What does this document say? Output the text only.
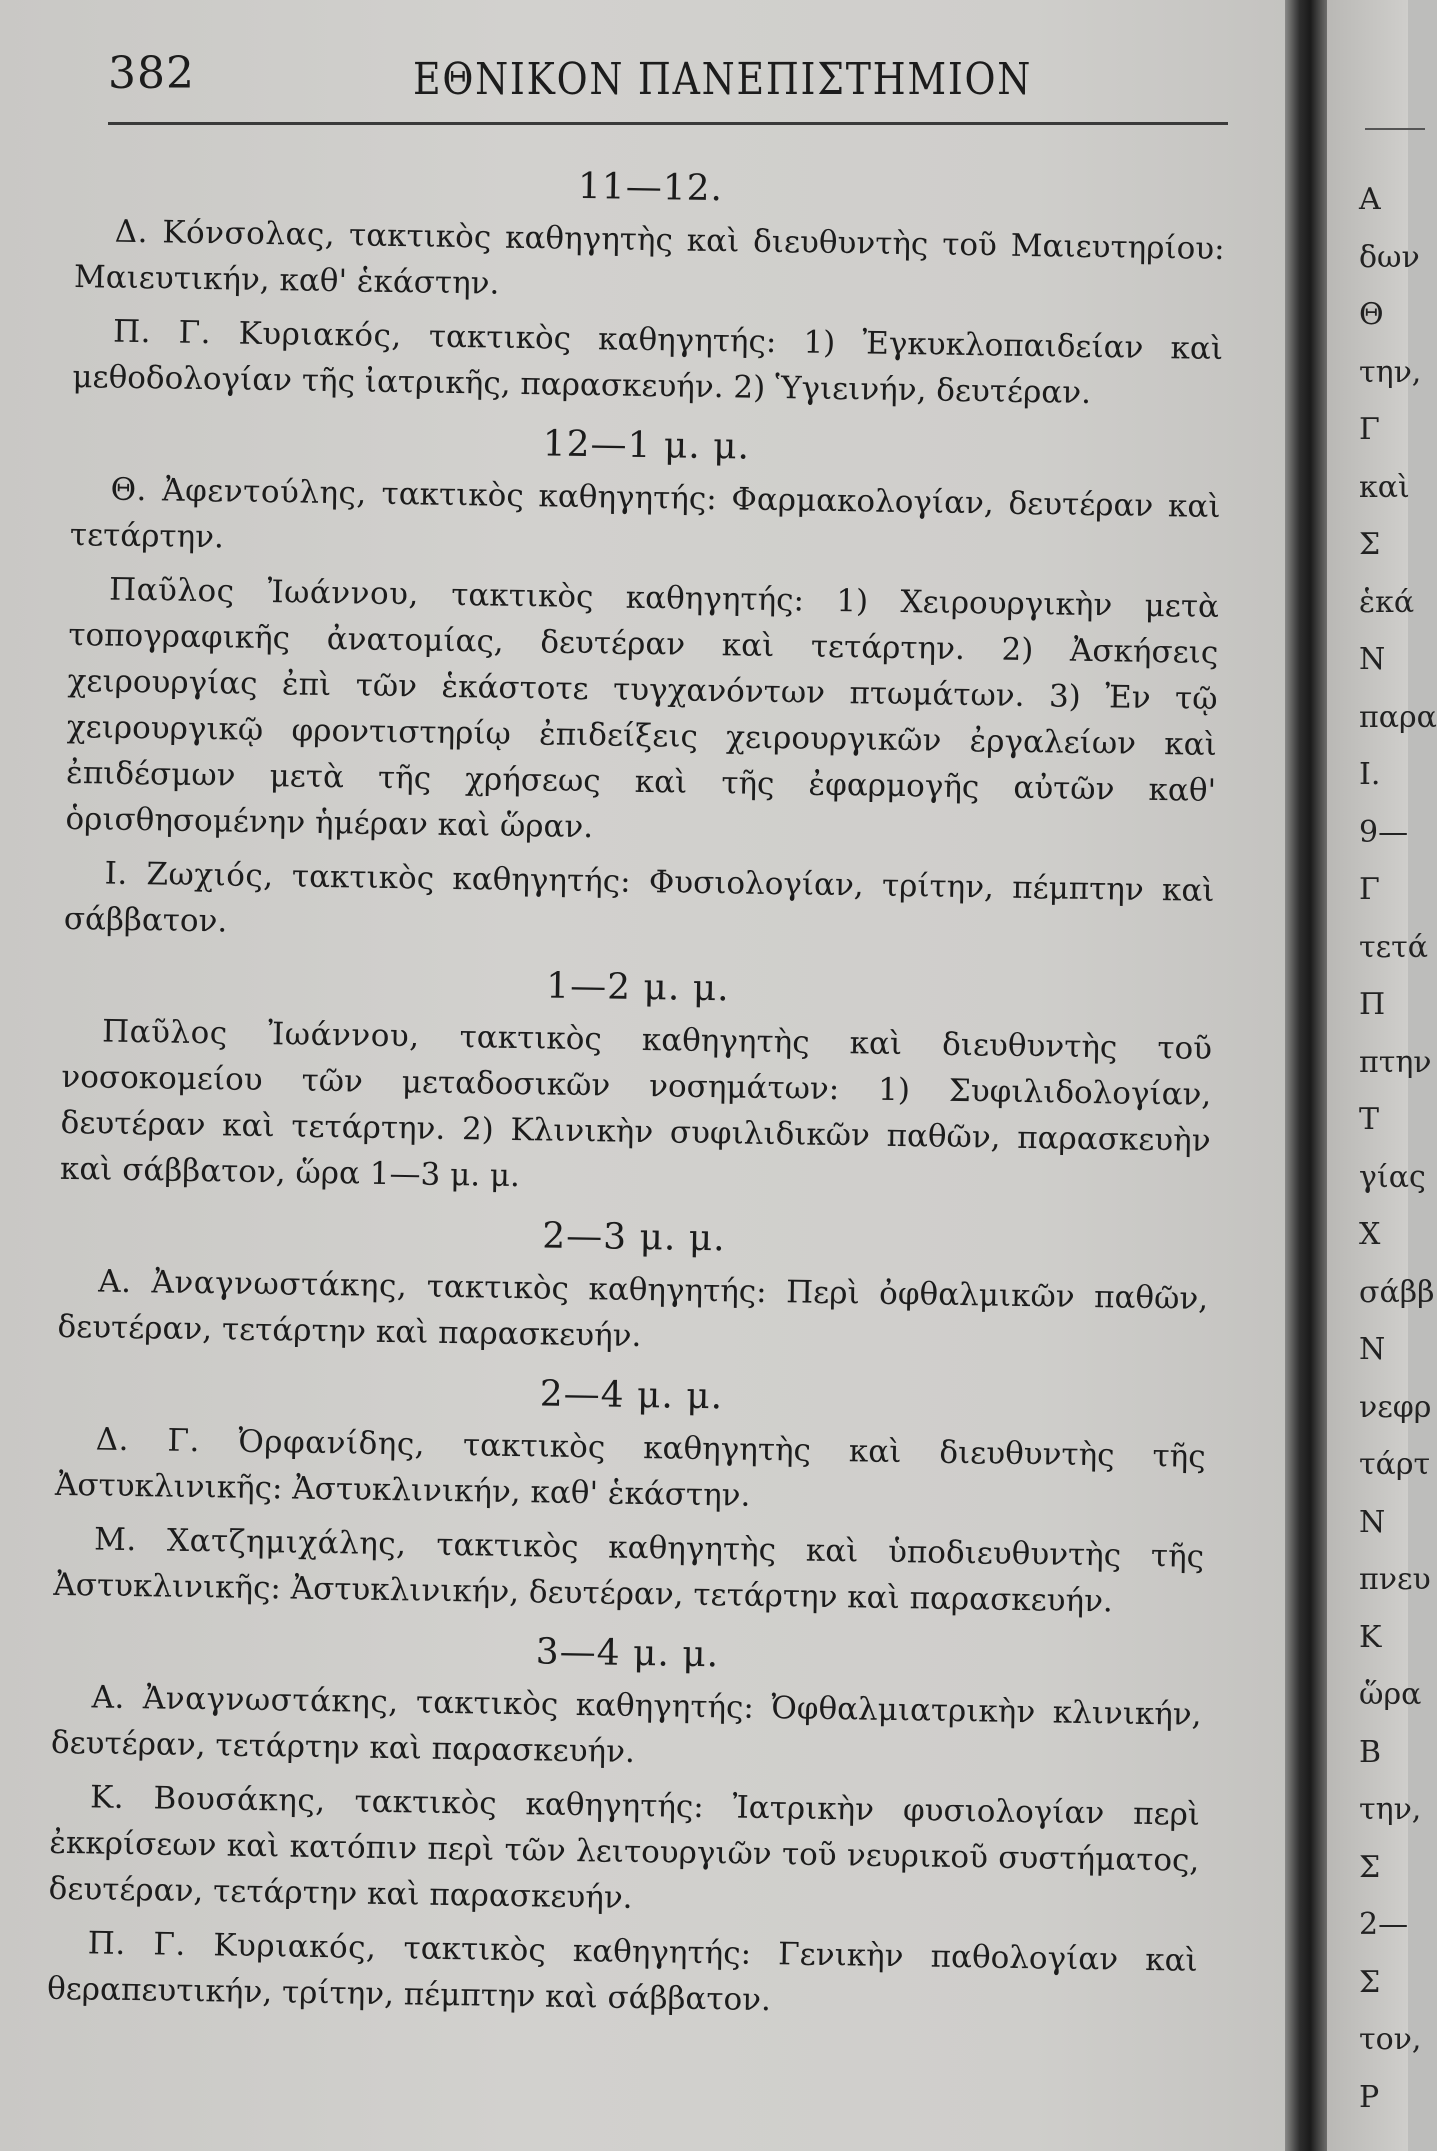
382	ΕΘΝΙΚΟΝ ΠΑΝΕΠΙΣΤΗΜΙΟΝ

11—12.

Δ. Κόνσολας, τακτικὸς καθηγητὴς καὶ διευθυντὴς τοῦ Μαιευτηρίου: Μαιευτικήν, καθ' ἑκάστην.

Π. Γ. Κυριακός, τακτικὸς καθηγητής: 1) Ἐγκυκλοπαιδείαν καὶ μεθοδολογίαν τῆς ἰατρικῆς, παρασκευήν. 2) Ὑγιεινήν, δευτέραν.

12—1 μ. μ.

Θ. Ἀφεντούλης, τακτικὸς καθηγητής: Φαρμακολογίαν, δευτέραν καὶ τετάρτην.

Παῦλος Ἰωάννου, τακτικὸς καθηγητής: 1) Χειρουργικὴν μετὰ τοπογραφικῆς ἀνατομίας, δευτέραν καὶ τετάρτην. 2) Ἀσκήσεις χειρουργίας ἐπὶ τῶν ἑκάστοτε τυγχανόντων πτωμάτων. 3) Ἐν τῷ χειρουργικῷ φροντιστηρίῳ ἐπιδείξεις χειρουργικῶν ἐργαλείων καὶ ἐπιδέσμων μετὰ τῆς χρήσεως καὶ τῆς ἐφαρμογῆς αὐτῶν καθ' ὁρισθησομένην ἡμέραν καὶ ὥραν.

Ι. Ζωχιός, τακτικὸς καθηγητής: Φυσιολογίαν, τρίτην, πέμπτην καὶ σάββατον.

1—2 μ. μ.

Παῦλος Ἰωάννου, τακτικὸς καθηγητὴς καὶ διευθυντὴς τοῦ νοσοκομείου τῶν μεταδοσικῶν νοσημάτων: 1) Συφιλιδολογίαν, δευτέραν καὶ τετάρτην. 2) Κλινικὴν συφιλιδικῶν παθῶν, παρασκευὴν καὶ σάββατον, ὥρα 1—3 μ. μ.

2—3 μ. μ.

Α. Ἀναγνωστάκης, τακτικὸς καθηγητής: Περὶ ὀφθαλμικῶν παθῶν, δευτέραν, τετάρτην καὶ παρασκευήν.

2—4 μ. μ.

Δ. Γ. Ὀρφανίδης, τακτικὸς καθηγητὴς καὶ διευθυντὴς τῆς Ἀστυκλινικῆς: Ἀστυκλινικήν, καθ' ἑκάστην.

Μ. Χατζημιχάλης, τακτικὸς καθηγητὴς καὶ ὑποδιευθυντὴς τῆς Ἀστυκλινικῆς: Ἀστυκλινικήν, δευτέραν, τετάρτην καὶ παρασκευήν.

3—4 μ. μ.

Α. Ἀναγνωστάκης, τακτικὸς καθηγητής: Ὀφθαλμιατρικὴν κλινικήν, δευτέραν, τετάρτην καὶ παρασκευήν.

Κ. Βουσάκης, τακτικὸς καθηγητής: Ἰατρικὴν φυσιολογίαν περὶ ἐκκρίσεων καὶ κατόπιν περὶ τῶν λειτουργιῶν τοῦ νευρικοῦ συστήματος, δευτέραν, τετάρτην καὶ παρασκευήν.

Π. Γ. Κυριακός, τακτικὸς καθηγητής: Γενικὴν παθολογίαν καὶ θεραπευτικήν, τρίτην, πέμπτην καὶ σάββατον.

Α
δων
Θ
την,
Γ
καὶ
Σ
ἑκά
Ν
παρα
Ι.
9—
Γ
τετά
Π
πτην
Τ
γίας
Χ
σάββ
Ν
νεφρ
τάρτ
Ν
πνευ
Κ
ὥρα
Β
την,
Σ
2—
Σ
τον,
Ρ
